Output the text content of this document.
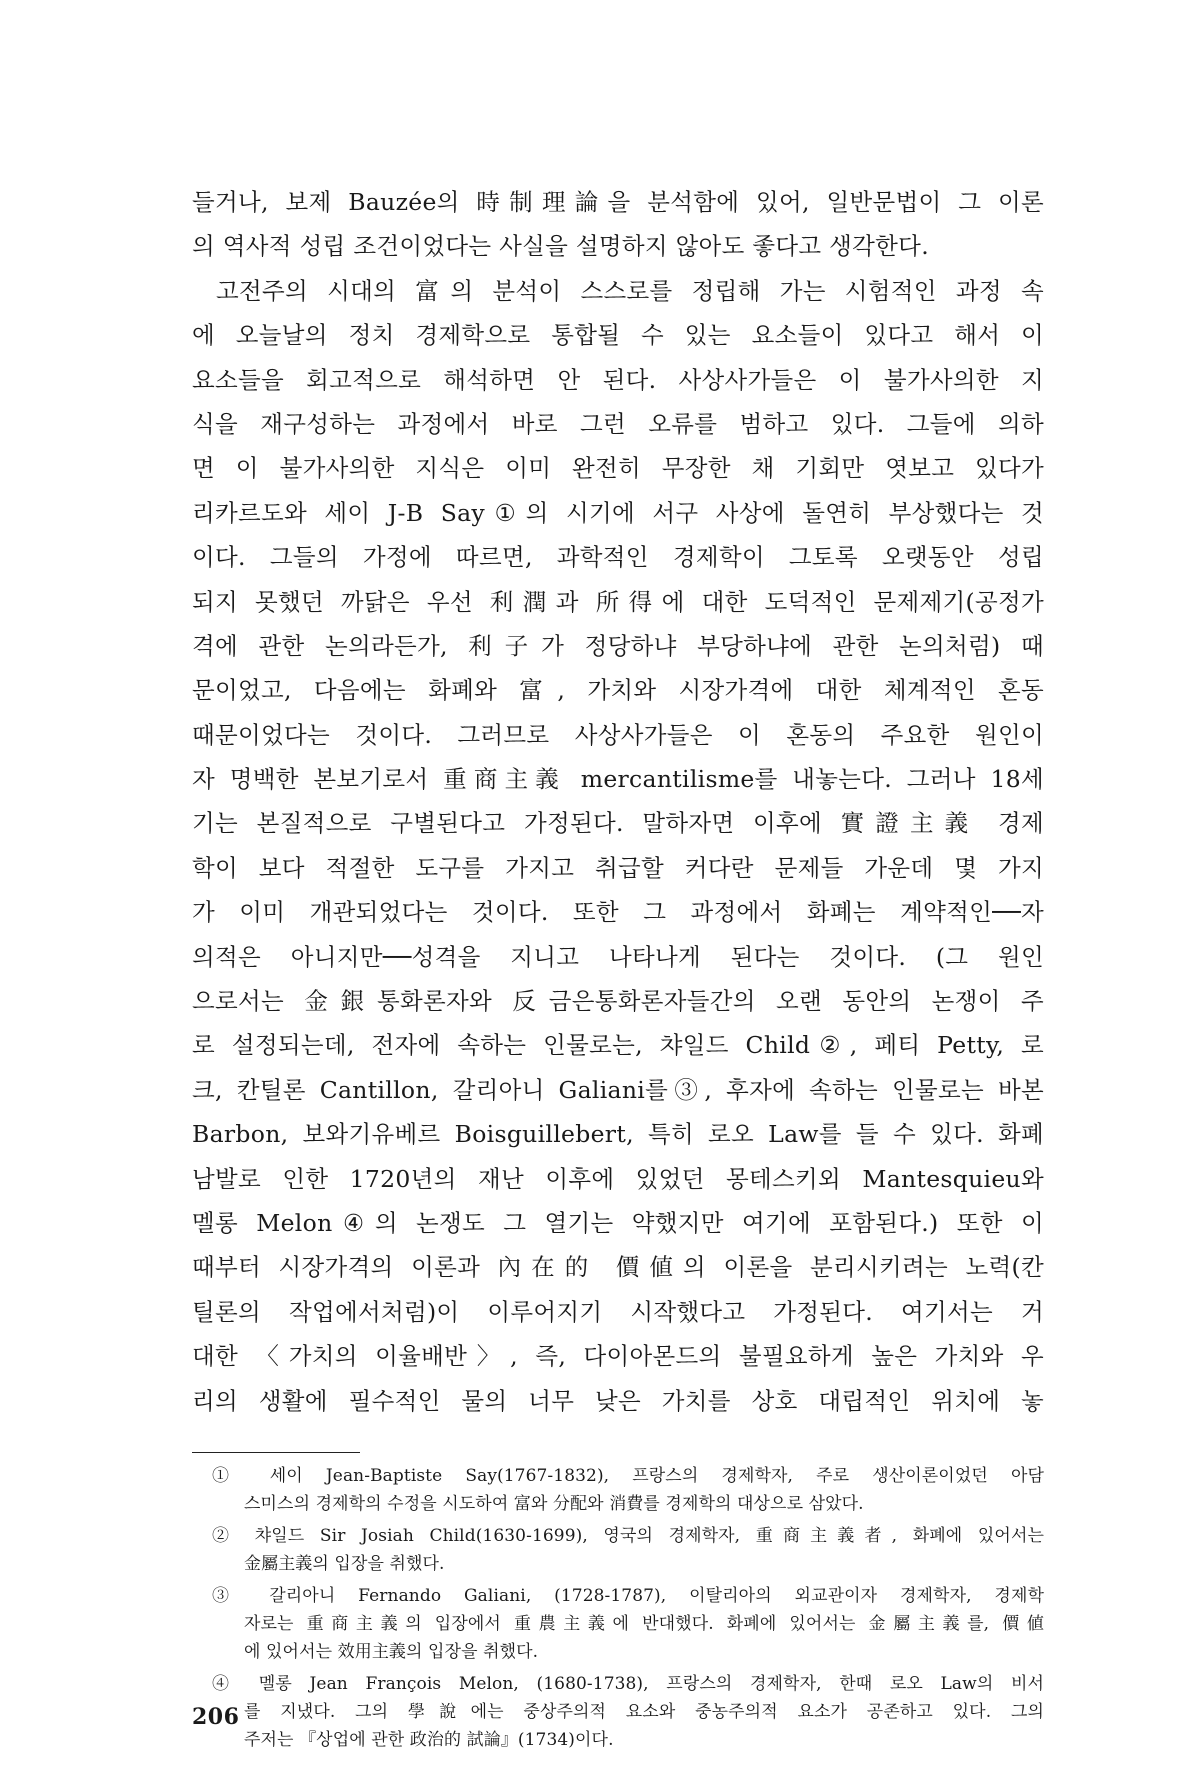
들거나, 보제 Bauzée의 時制理論을 분석함에 있어, 일반문법이 그 이론
의 역사적 성립 조건이었다는 사실을 설명하지 않아도 좋다고 생각한다.
고전주의 시대의 富의 분석이 스스로를 정립해 가는 시험적인 과정 속
에 오늘날의 정치 경제학으로 통합될 수 있는 요소들이 있다고 해서 이
요소들을 회고적으로 해석하면 안 된다. 사상사가들은 이 불가사의한 지
식을 재구성하는 과정에서 바로 그런 오류를 범하고 있다. 그들에 의하
면 이 불가사의한 지식은 이미 완전히 무장한 채 기회만 엿보고 있다가
리카르도와 세이 J-B Say①의 시기에 서구 사상에 돌연히 부상했다는 것
이다. 그들의 가정에 따르면, 과학적인 경제학이 그토록 오랫동안 성립
되지 못했던 까닭은 우선 利潤과 所得에 대한 도덕적인 문제제기(공정가
격에 관한 논의라든가, 利子가 정당하냐 부당하냐에 관한 논의처럼) 때
문이었고, 다음에는 화폐와 富, 가치와 시장가격에 대한 체계적인 혼동
때문이었다는 것이다. 그러므로 사상사가들은 이 혼동의 주요한 원인이
자 명백한 본보기로서 重商主義 mercantilisme를 내놓는다. 그러나 18세
기는 본질적으로 구별된다고 가정된다. 말하자면 이후에 實證主義 경제
학이 보다 적절한 도구를 가지고 취급할 커다란 문제들 가운데 몇 가지
가 이미 개관되었다는 것이다. 또한 그 과정에서 화폐는 계약적인──자
의적은 아니지만──성격을 지니고 나타나게 된다는 것이다. (그 원인
으로서는 金銀통화론자와 反금은통화론자들간의 오랜 동안의 논쟁이 주
로 설정되는데, 전자에 속하는 인물로는, 챠일드 Child②, 페티 Petty, 로
크, 칸틸론 Cantillon, 갈리아니 Galiani를③, 후자에 속하는 인물로는 바본
Barbon, 보와기유베르 Boisguillebert, 특히 로오 Law를 들 수 있다. 화폐
남발로 인한 1720년의 재난 이후에 있었던 몽테스키외 Mantesquieu와
멜롱 Melon④의 논쟁도 그 열기는 약했지만 여기에 포함된다.) 또한 이
때부터 시장가격의 이론과 內在的 價値의 이론을 분리시키려는 노력(칸
틸론의 작업에서처럼)이 이루어지기 시작했다고 가정된다. 여기서는 거
대한 〈가치의 이율배반〉, 즉, 다이아몬드의 불필요하게 높은 가치와 우
리의 생활에 필수적인 물의 너무 낮은 가치를 상호 대립적인 위치에 놓
① 세이 Jean-Baptiste Say(1767-1832), 프랑스의 경제학자, 주로 생산이론이었던 아담
스미스의 경제학의 수정을 시도하여 富와 分配와 消費를 경제학의 대상으로 삼았다.
② 챠일드 Sir Josiah Child(1630-1699), 영국의 경제학자, 重商主義者, 화폐에 있어서는
金屬主義의 입장을 취했다.
③ 갈리아니 Fernando Galiani, (1728-1787), 이탈리아의 외교관이자 경제학자, 경제학
자로는 重商主義의 입장에서 重農主義에 반대했다. 화폐에 있어서는 金屬主義를, 價値
에 있어서는 效用主義의 입장을 취했다.
④ 멜롱 Jean François Melon, (1680-1738), 프랑스의 경제학자, 한때 로오 Law의 비서
를 지냈다. 그의 學說에는 중상주의적 요소와 중농주의적 요소가 공존하고 있다. 그의
주저는 『상업에 관한 政治的 試論』(1734)이다.
206
